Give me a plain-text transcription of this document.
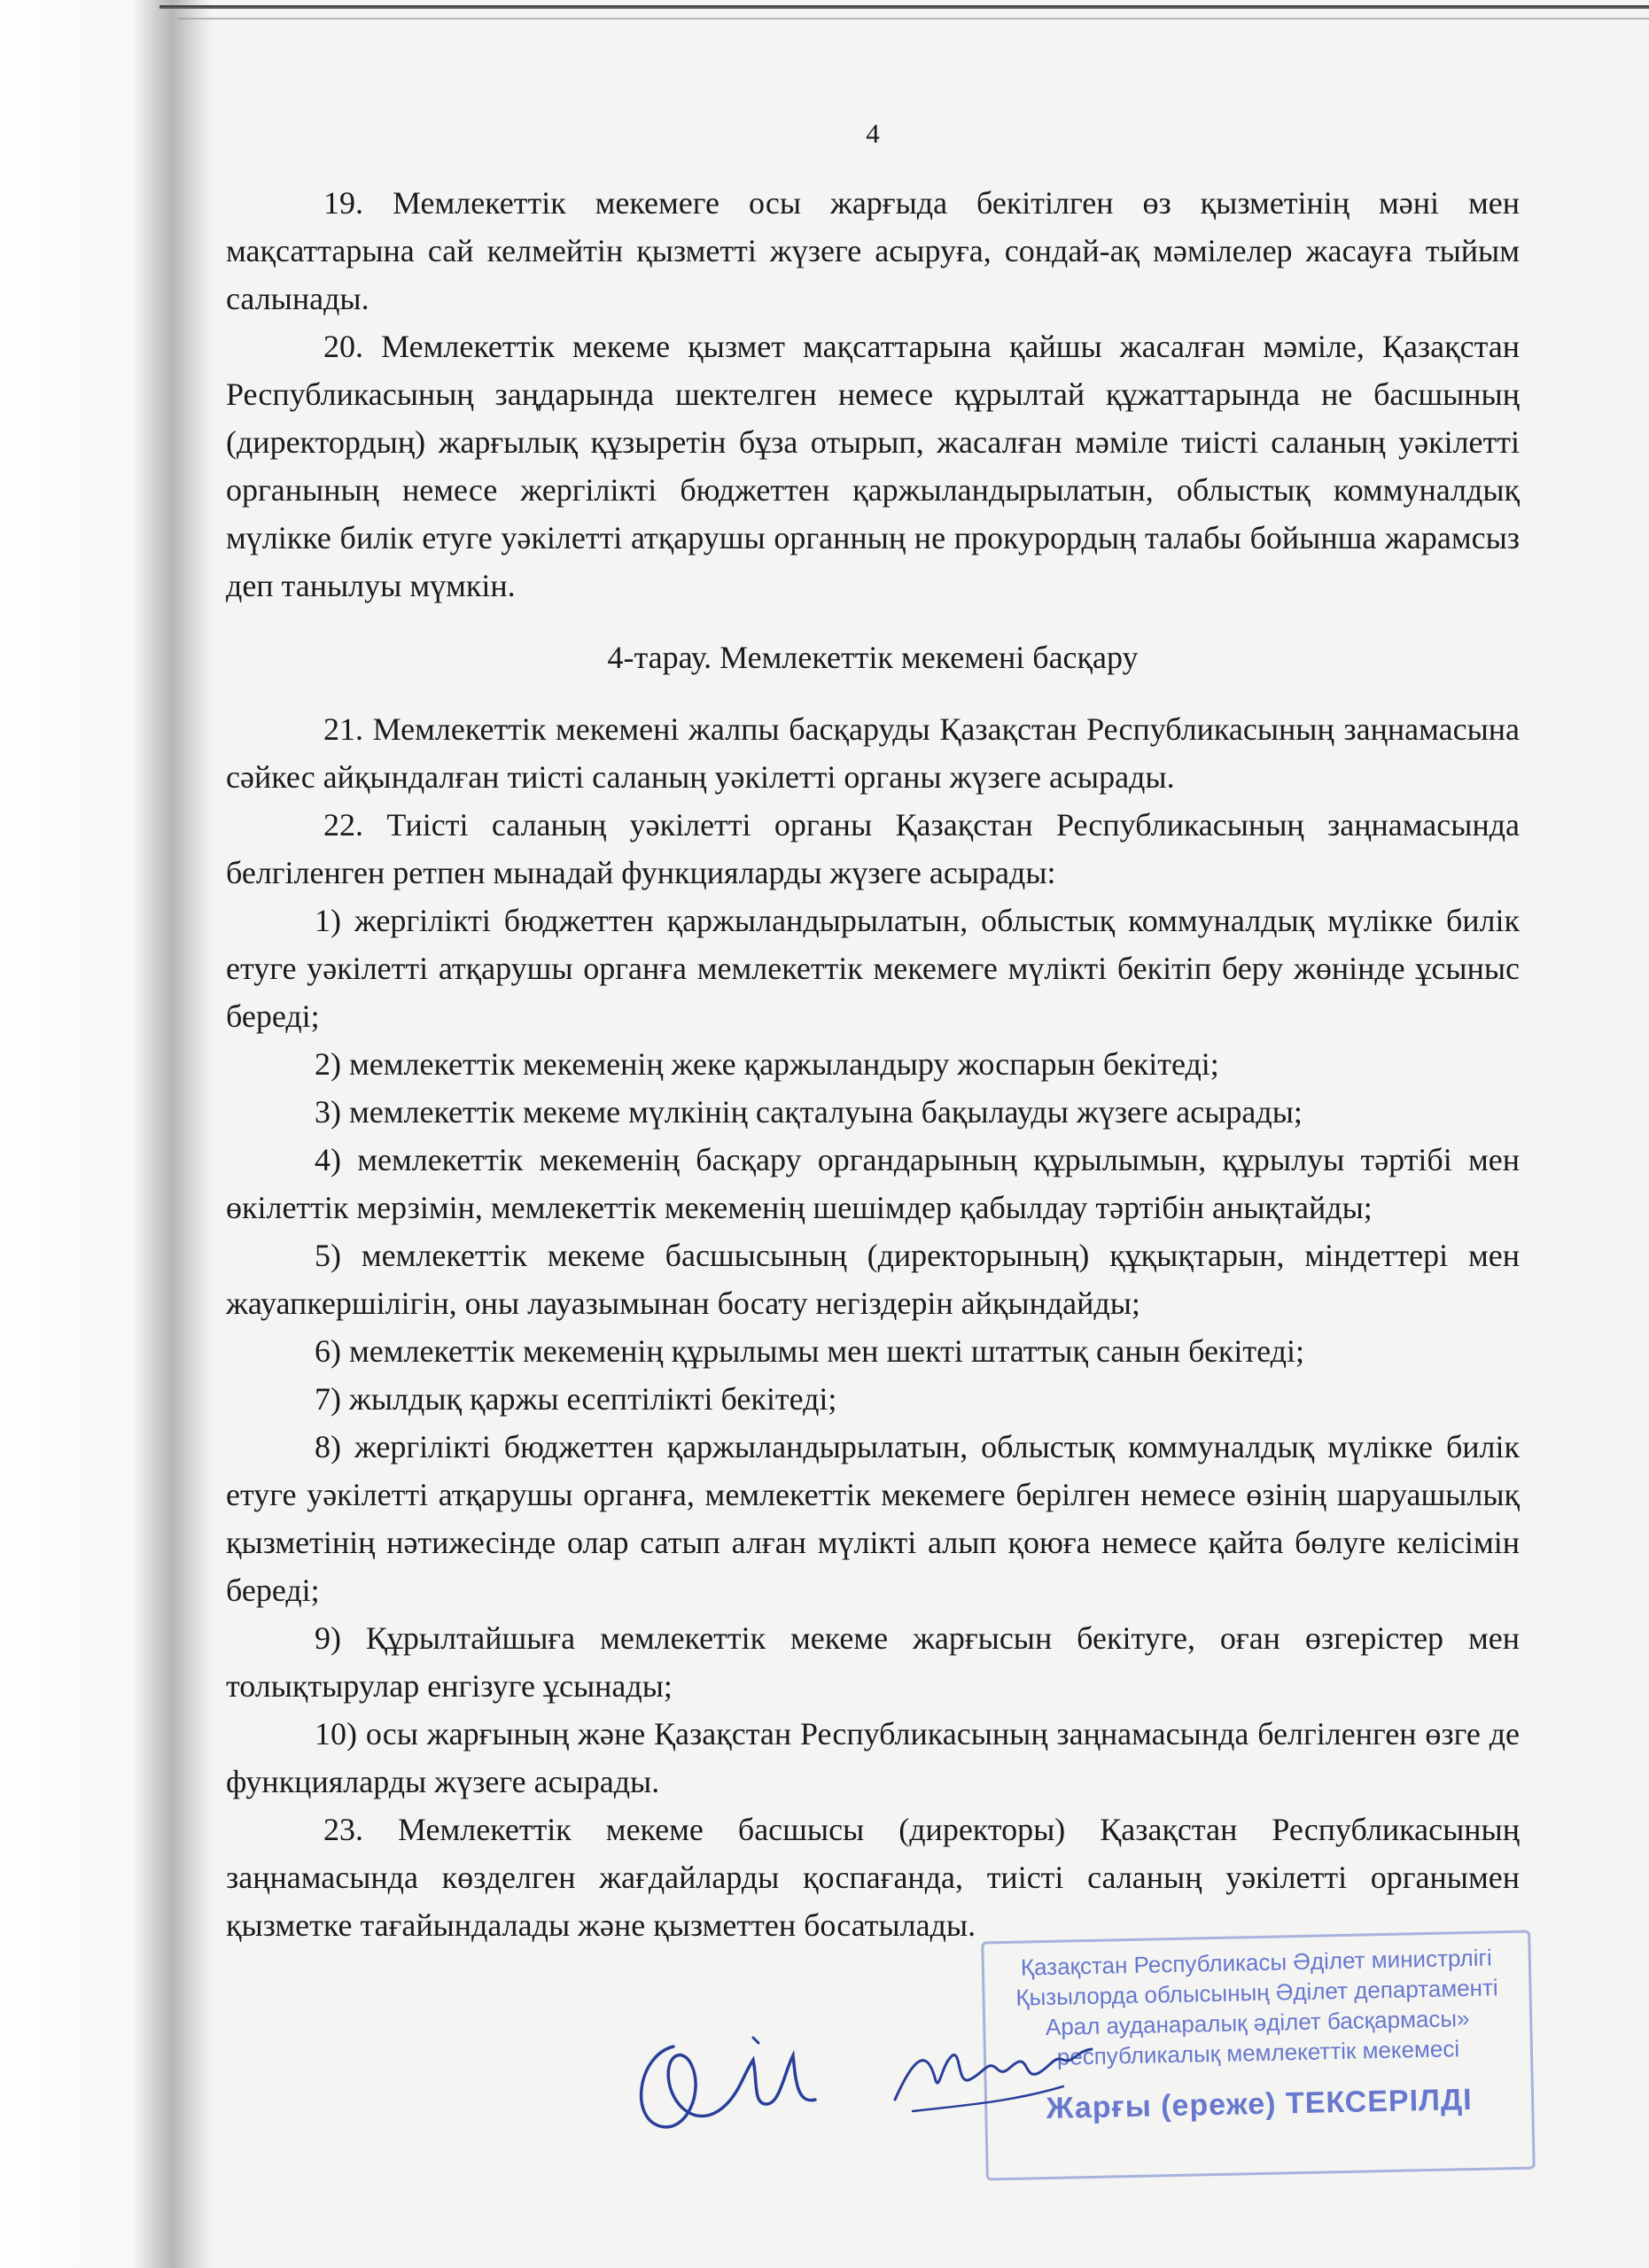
4

19. Мемлекеттік мекемеге осы жарғыда бекітілген өз қызметінің мәні мен мақсаттарына сай келмейтін қызметті жүзеге асыруға, сондай-ақ мәмілелер жасауға тыйым салынады.

20. Мемлекеттік мекеме қызмет мақсаттарына қайшы жасалған мәміле, Қазақстан Республикасының заңдарында шектелген немесе құрылтай құжаттарында не басшының (директордың) жарғылық құзыретін бұза отырып, жасалған мәміле тиісті саланың уәкілетті органының немесе жергілікті бюджеттен қаржыландырылатын, облыстық коммуналдық мүлікке билік етуге уәкілетті атқарушы органның не прокурордың талабы бойынша жарамсыз деп танылуы мүмкін.

4-тарау. Мемлекеттік мекемені басқару

21. Мемлекеттік мекемені жалпы басқаруды Қазақстан Республикасының заңнамасына сәйкес айқындалған тиісті саланың уәкілетті органы жүзеге асырады.

22. Тиісті саланың уәкілетті органы Қазақстан Республикасының заңнамасында белгіленген ретпен мынадай функцияларды жүзеге асырады:

1) жергілікті бюджеттен қаржыландырылатын, облыстық коммуналдық мүлікке билік етуге уәкілетті атқарушы органға мемлекеттік мекемеге мүлікті бекітіп беру жөнінде ұсыныс береді;

2) мемлекеттік мекеменің жеке қаржыландыру жоспарын бекітеді;

3) мемлекеттік мекеме мүлкінің сақталуына бақылауды жүзеге асырады;

4) мемлекеттік мекеменің басқару органдарының құрылымын, құрылуы тәртібі мен өкілеттік мерзімін, мемлекеттік мекеменің шешімдер қабылдау тәртібін анықтайды;

5) мемлекеттік мекеме басшысының (директорының) құқықтарын, міндеттері мен жауапкершілігін, оны лауазымынан босату негіздерін айқындайды;

6) мемлекеттік мекеменің құрылымы мен шекті штаттық санын бекітеді;

7) жылдық қаржы есептілікті бекітеді;

8) жергілікті бюджеттен қаржыландырылатын, облыстық коммуналдық мүлікке билік етуге уәкілетті атқарушы органға, мемлекеттік мекемеге берілген немесе өзінің шаруашылық қызметінің нәтижесінде олар сатып алған мүлікті алып қоюға немесе қайта бөлуге келісімін береді;

9) Құрылтайшыға мемлекеттік мекеме жарғысын бекітуге, оған өзгерістер мен толықтырулар енгізуге ұсынады;

10) осы жарғының және Қазақстан Республикасының заңнамасында белгіленген өзге де функцияларды жүзеге асырады.

23. Мемлекеттік мекеме басшысы (директоры) Қазақстан Республикасының заңнамасында көзделген жағдайларды қоспағанда, тиісті саланың уәкілетті органымен қызметке тағайындалады және қызметтен босатылады.

Қазақстан Республикасы Әділет министрлігі
Қызылорда облысының Әділет департаменті
Арал ауданаралық әділет басқармасы»
республикалық мемлекеттік мекемесі
Жарғы (ереже) ТЕКСЕРІЛДІ
